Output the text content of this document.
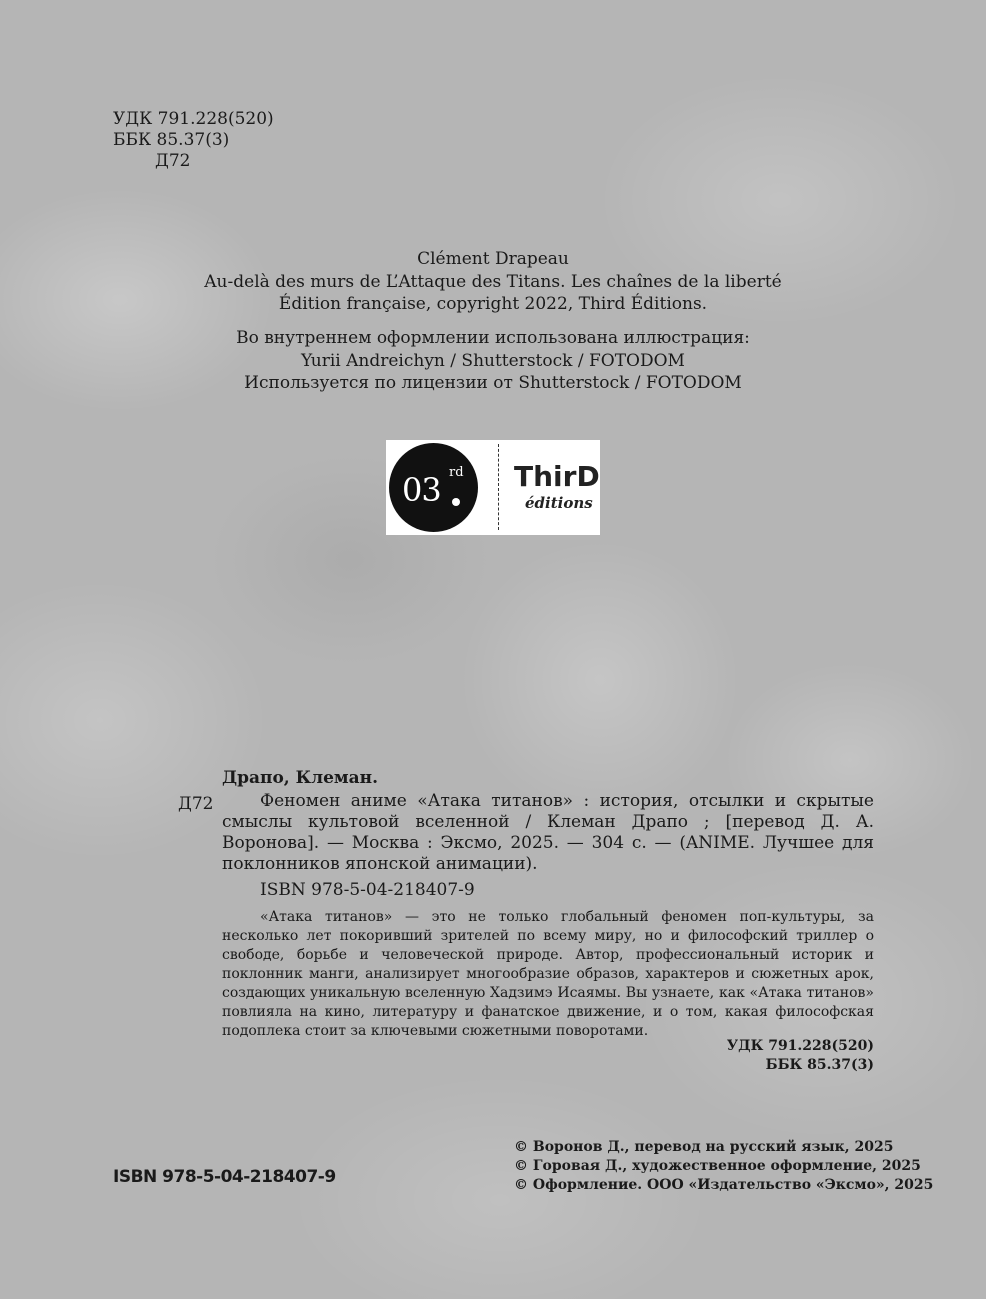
УДК 791.228(520)
ББК 85.37(3)
Д72
Clément Drapeau
Au-delà des murs de L’Attaque des Titans. Les chaînes de la liberté
Édition française, copyright 2022, Third Éditions.
Во внутреннем оформлении использована иллюстрация:
Yurii Andreichyn / Shutterstock / FOTODOM
Используется по лицензии от Shutterstock / FOTODOM
03 rd ThirD
éditions
Драпо, Клеман.
Д72	Феномен аниме «Атака титанов» : история, отсылки и скрытые смыслы культовой вселенной / Клеман Драпо ; [перевод Д. А. Воронова]. — Москва : Эксмо, 2025. — 304 с. — (ANIME. Лучшее для поклонников японской анимации).
ISBN 978-5-04-218407-9
«Атака титанов» — это не только глобальный феномен поп-культуры, за несколько лет покоривший зрителей по всему миру, но и философский триллер о свободе, борьбе и человеческой природе. Автор, профессиональный историк и поклонник манги, анализирует многообразие образов, характеров и сюжетных арок, создающих уникальную вселенную Хадзимэ Исаямы. Вы узнаете, как «Атака титанов» повлияла на кино, литературу и фанатское движение, и о том, какая философская подоплека стоит за ключевыми сюжетными поворотами.
УДК 791.228(520)
ББК 85.37(3)
ISBN 978-5-04-218407-9
© Воронов Д., перевод на русский язык, 2025
© Горовая Д., художественное оформление, 2025
© Оформление. ООО «Издательство «Эксмо», 2025
